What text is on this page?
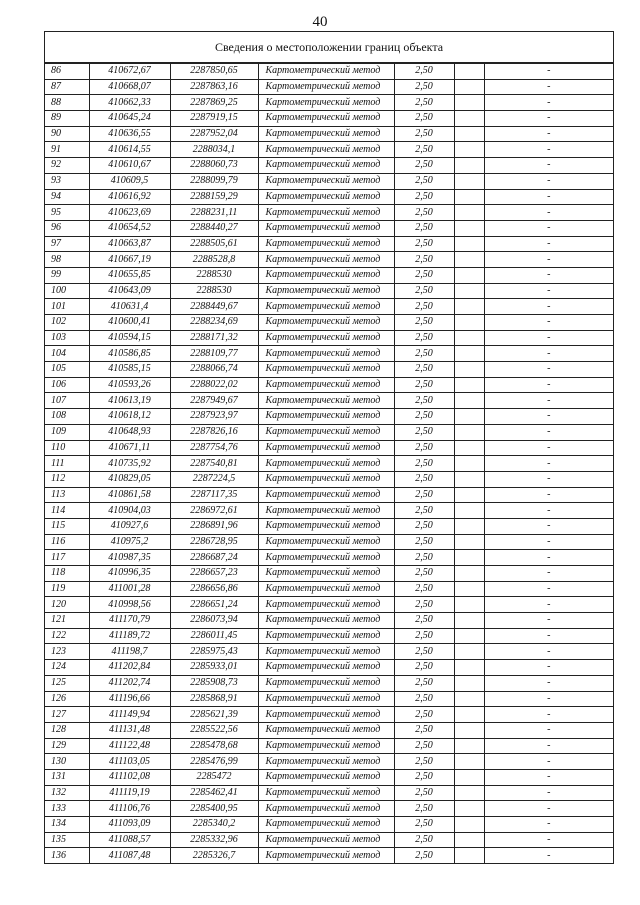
40
Сведения о местоположении границ объекта
86	410672,67	2287850,65	Картометрический метод	2,50		-
87	410668,07	2287863,16	Картометрический метод	2,50		-
88	410662,33	2287869,25	Картометрический метод	2,50		-
89	410645,24	2287919,15	Картометрический метод	2,50		-
90	410636,55	2287952,04	Картометрический метод	2,50		-
91	410614,55	2288034,1	Картометрический метод	2,50		-
92	410610,67	2288060,73	Картометрический метод	2,50		-
93	410609,5	2288099,79	Картометрический метод	2,50		-
94	410616,92	2288159,29	Картометрический метод	2,50		-
95	410623,69	2288231,11	Картометрический метод	2,50		-
96	410654,52	2288440,27	Картометрический метод	2,50		-
97	410663,87	2288505,61	Картометрический метод	2,50		-
98	410667,19	2288528,8	Картометрический метод	2,50		-
99	410655,85	2288530	Картометрический метод	2,50		-
100	410643,09	2288530	Картометрический метод	2,50		-
101	410631,4	2288449,67	Картометрический метод	2,50		-
102	410600,41	2288234,69	Картометрический метод	2,50		-
103	410594,15	2288171,32	Картометрический метод	2,50		-
104	410586,85	2288109,77	Картометрический метод	2,50		-
105	410585,15	2288066,74	Картометрический метод	2,50		-
106	410593,26	2288022,02	Картометрический метод	2,50		-
107	410613,19	2287949,67	Картометрический метод	2,50		-
108	410618,12	2287923,97	Картометрический метод	2,50		-
109	410648,93	2287826,16	Картометрический метод	2,50		-
110	410671,11	2287754,76	Картометрический метод	2,50		-
111	410735,92	2287540,81	Картометрический метод	2,50		-
112	410829,05	2287224,5	Картометрический метод	2,50		-
113	410861,58	2287117,35	Картометрический метод	2,50		-
114	410904,03	2286972,61	Картометрический метод	2,50		-
115	410927,6	2286891,96	Картометрический метод	2,50		-
116	410975,2	2286728,95	Картометрический метод	2,50		-
117	410987,35	2286687,24	Картометрический метод	2,50		-
118	410996,35	2286657,23	Картометрический метод	2,50		-
119	411001,28	2286656,86	Картометрический метод	2,50		-
120	410998,56	2286651,24	Картометрический метод	2,50		-
121	411170,79	2286073,94	Картометрический метод	2,50		-
122	411189,72	2286011,45	Картометрический метод	2,50		-
123	411198,7	2285975,43	Картометрический метод	2,50		-
124	411202,84	2285933,01	Картометрический метод	2,50		-
125	411202,74	2285908,73	Картометрический метод	2,50		-
126	411196,66	2285868,91	Картометрический метод	2,50		-
127	411149,94	2285621,39	Картометрический метод	2,50		-
128	411131,48	2285522,56	Картометрический метод	2,50		-
129	411122,48	2285478,68	Картометрический метод	2,50		-
130	411103,05	2285476,99	Картометрический метод	2,50		-
131	411102,08	2285472	Картометрический метод	2,50		-
132	411119,19	2285462,41	Картометрический метод	2,50		-
133	411106,76	2285400,95	Картометрический метод	2,50		-
134	411093,09	2285340,2	Картометрический метод	2,50		-
135	411088,57	2285332,96	Картометрический метод	2,50		-
136	411087,48	2285326,7	Картометрический метод	2,50		-
